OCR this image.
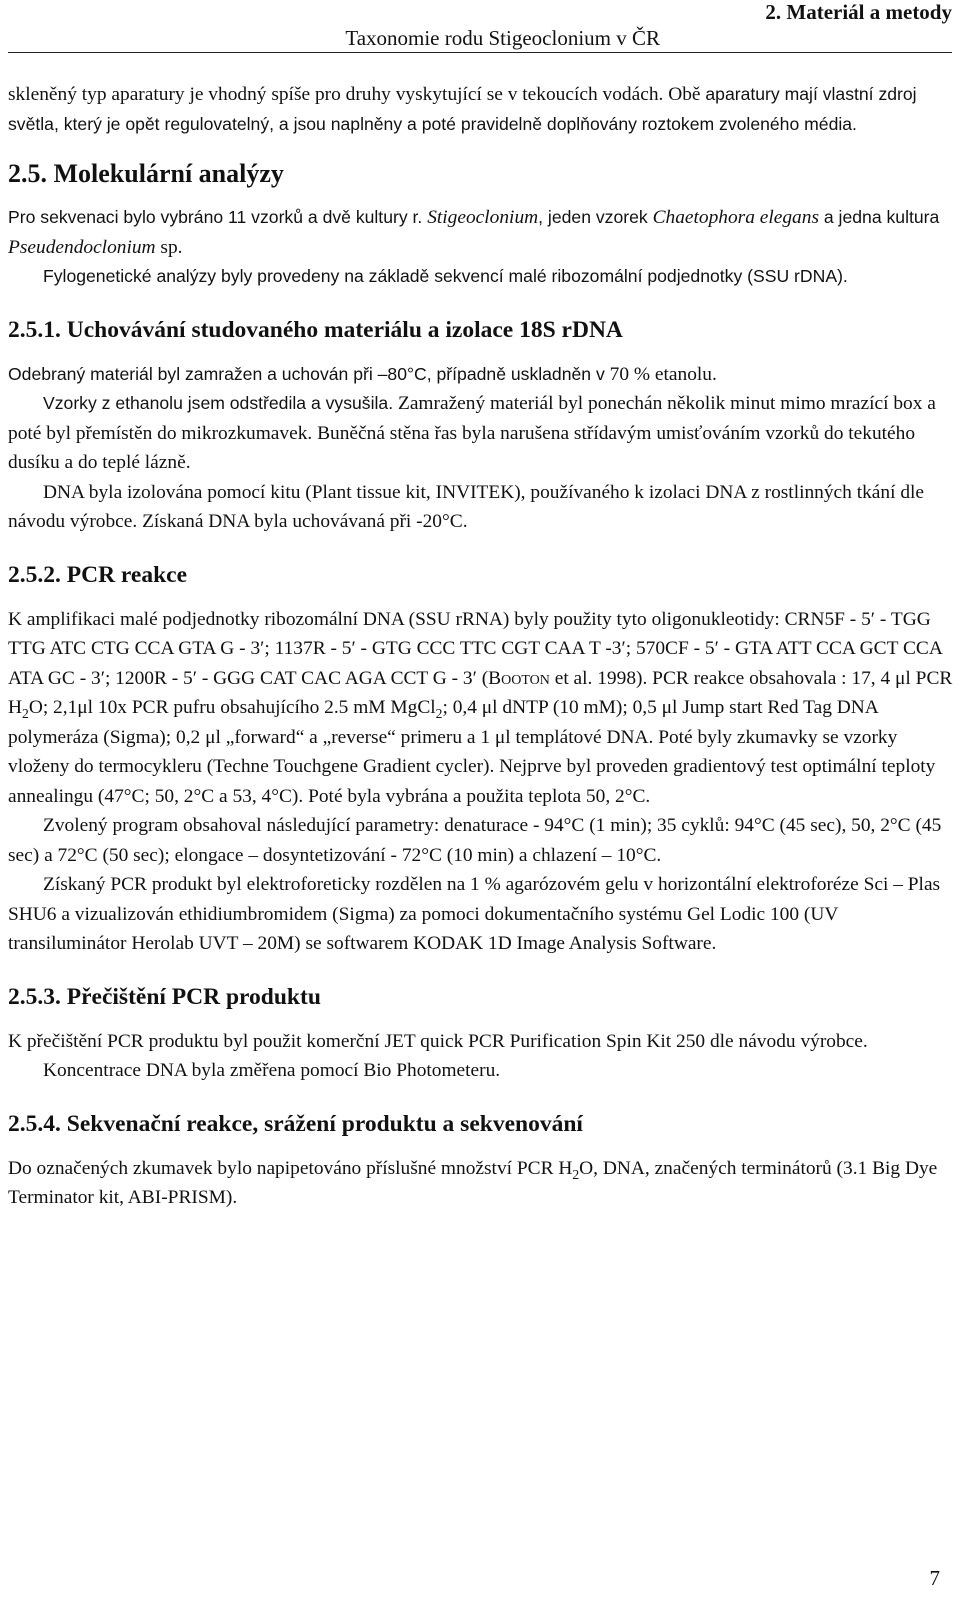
Taxonomie rodu Stigeoclonium v ČR
2. Materiál a metody

skleněný typ aparatury je vhodný spíše pro druhy vyskytující se v tekoucích vodách. Obě aparatury mají vlastní zdroj světla, který je opět regulovatelný, a jsou naplněny a poté pravidelně doplňovány roztokem zvoleného média.

2.5. Molekulární analýzy

Pro sekvenaci bylo vybráno 11 vzorků a dvě kultury r. Stigeoclonium, jeden vzorek Chaetophora elegans a jedna kultura Pseudendoclonium sp.

Fylogenetické analýzy byly provedeny na základě sekvencí malé ribozomální podjednotky (SSU rDNA).

2.5.1. Uchovávání studovaného materiálu a izolace 18S rDNA

Odebraný materiál byl zamražen a uchován při –80°C, případně uskladněn v 70 % etanolu.

Vzorky z ethanolu jsem odstředila a vysušila. Zamražený materiál byl ponechán několik minut mimo mrazící box a poté byl přemístěn do mikrozkumavek. Buněčná stěna řas byla narušena střídavým umisťováním vzorků do tekutého dusíku a do teplé lázně.

DNA byla izolována pomocí kitu (Plant tissue kit, INVITEK), používaného k izolaci DNA z rostlinných tkání dle návodu výrobce. Získaná DNA byla uchovávaná při -20°C.

2.5.2. PCR reakce

K amplifikaci malé podjednotky ribozomální DNA (SSU rRNA) byly použity tyto oligonukleotidy: CRN5F - 5′ - TGG TTG ATC CTG CCA GTA G - 3′; 1137R - 5′ - GTG CCC TTC CGT CAA T -3′; 570CF - 5′ - GTA ATT CCA GCT CCA ATA GC - 3′; 1200R - 5′ - GGG CAT CAC AGA CCT G - 3′ (Booton et al. 1998). PCR reakce obsahovala : 17, 4 μl PCR $H_2O$; 2,1μl 10x PCR pufru obsahujícího 2.5 mM MgCl$_2$; 0,4 μl dNTP (10 mM); 0,5 μl Jump start Red Tag DNA polymeráza (Sigma); 0,2 μl „forward“ a „reverse“ primeru a 1 μl templátové DNA. Poté byly zkumavky se vzorky vloženy do termocykleru (Techne Touchgene Gradient cycler). Nejprve byl proveden gradientový test optimální teploty annealingu (47°C; 50, 2°C a 53, 4°C). Poté byla vybrána a použita teplota 50, 2°C.

Zvolený program obsahoval následující parametry: denaturace - 94°C (1 min); 35 cyklů: 94°C (45 sec), 50, 2°C (45 sec) a 72°C (50 sec); elongace – dosyntetizování - 72°C (10 min) a chlazení – 10°C.

Získaný PCR produkt byl elektroforeticky rozdělen na 1 % agarózovém gelu v horizontální elektroforéze Sci – Plas SHU6 a vizualizován ethidiumbromidem (Sigma) za pomoci dokumentačního systému Gel Lodic 100 (UV transiluminátor Herolab UVT – 20M) se softwarem KODAK 1D Image Analysis Software.

2.5.3. Přečištění PCR produktu

K přečištění PCR produktu byl použit komerční JET quick PCR Purification Spin Kit 250 dle návodu výrobce.

Koncentrace DNA byla změřena pomocí Bio Photometeru.

2.5.4. Sekvenační reakce, srážení produktu a sekvenování

Do označených zkumavek bylo napipetováno příslušné množství PCR $H_2O$, DNA, značených terminátorů (3.1 Big Dye Terminator kit, ABI-PRISM).

7
